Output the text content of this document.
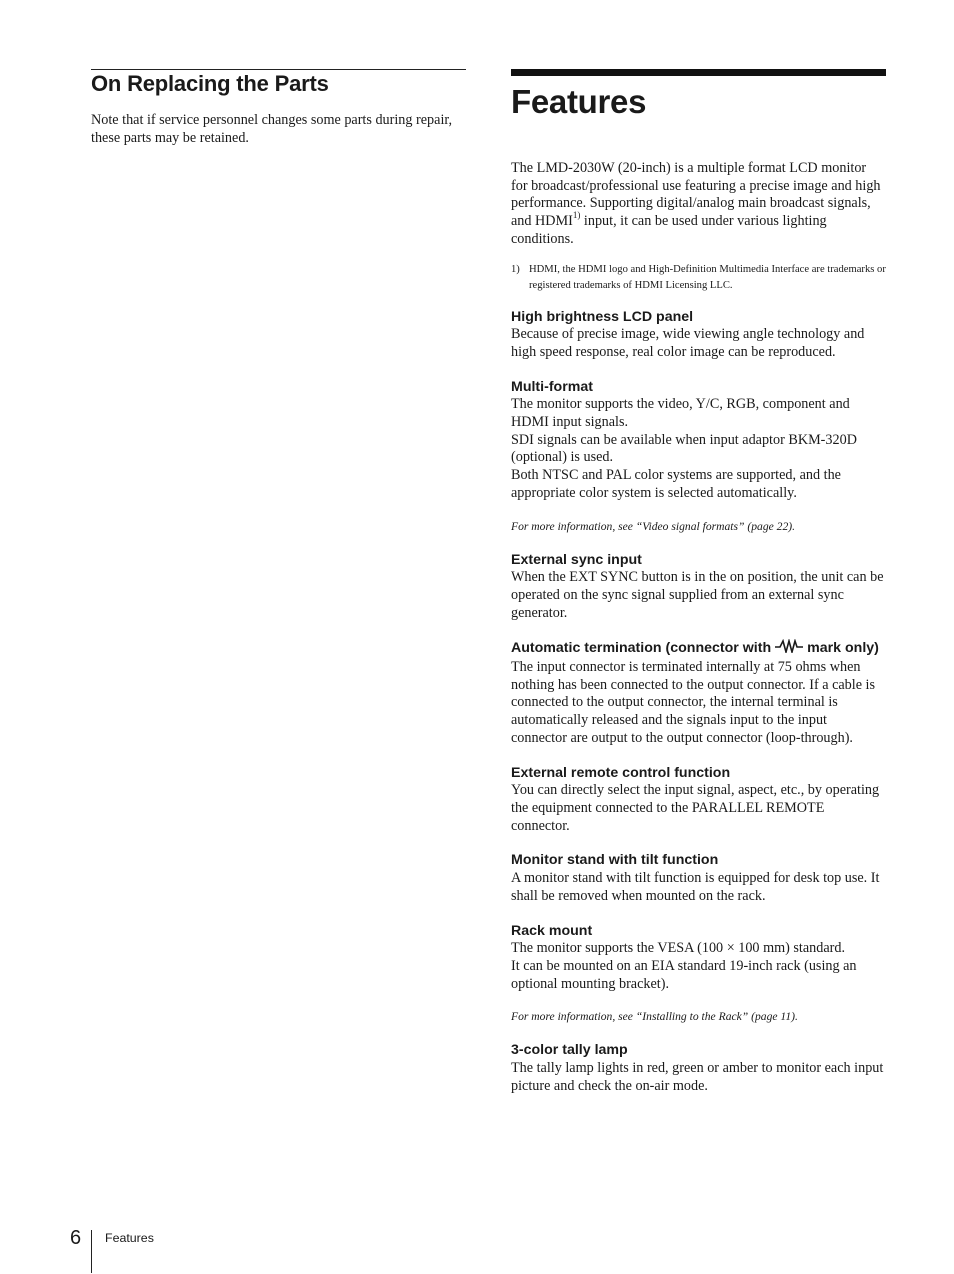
On Replacing the Parts
Note that if service personnel changes some parts during repair, these parts may be retained.
Features
The LMD-2030W (20-inch) is a multiple format LCD monitor for broadcast/professional use featuring a precise image and high performance. Supporting digital/analog main broadcast signals, and HDMI$^{1)}$ input, it can be used under various lighting conditions.
1) HDMI, the HDMI logo and High-Definition Multimedia Interface are trademarks or registered trademarks of HDMI Licensing LLC.
High brightness LCD panel
Because of precise image, wide viewing angle technology and high speed response, real color image can be reproduced.
Multi-format
The monitor supports the video, Y/C, RGB, component and HDMI input signals.
SDI signals can be available when input adaptor BKM-320D (optional) is used.
Both NTSC and PAL color systems are supported, and the appropriate color system is selected automatically.
For more information, see “Video signal formats” (page 22).
External sync input
When the EXT SYNC button is in the on position, the unit can be operated on the sync signal supplied from an external sync generator.
Automatic termination (connector with	mark only)
The input connector is terminated internally at 75 ohms when nothing has been connected to the output connector. If a cable is connected to the output connector, the internal terminal is automatically released and the signals input to the input connector are output to the output connector (loop-through).
External remote control function
You can directly select the input signal, aspect, etc., by operating the equipment connected to the PARALLEL REMOTE connector.
Monitor stand with tilt function
A monitor stand with tilt function is equipped for desk top use. It shall be removed when mounted on the rack.
Rack mount
The monitor supports the VESA (100 × 100 mm) standard.
It can be mounted on an EIA standard 19-inch rack (using an optional mounting bracket).
For more information, see “Installing to the Rack” (page 11).
3-color tally lamp
The tally lamp lights in red, green or amber to monitor each input picture and check the on-air mode.
6 Features
